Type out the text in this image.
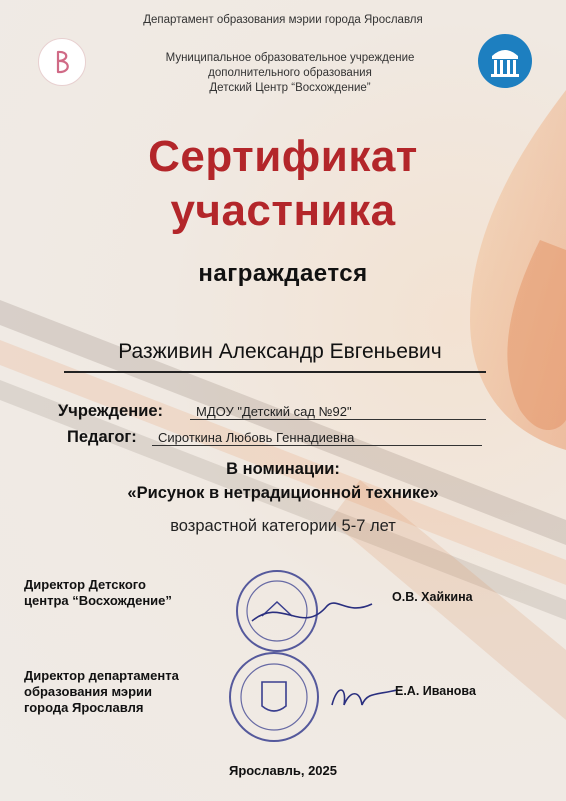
Департамент образования мэрии города Ярославля
Муниципальное образовательное учреждение
дополнительного образования
Детский Центр “Восхождение”
Сертификат
участника
награждается
Разживин Александр Евгеньевич
Учреждение:	МДОУ "Детский сад №92"
Педагог:	Сироткина Любовь Геннадиевна
В номинации:
«Рисунок в нетрадиционной технике»
возрастной категории 5-7 лет
Директор Детского
центра “Восхождение”	О.В. Хайкина
Директор департамента
образования мэрии
города Ярославля
Е.А. Иванова
Ярославль, 2025
